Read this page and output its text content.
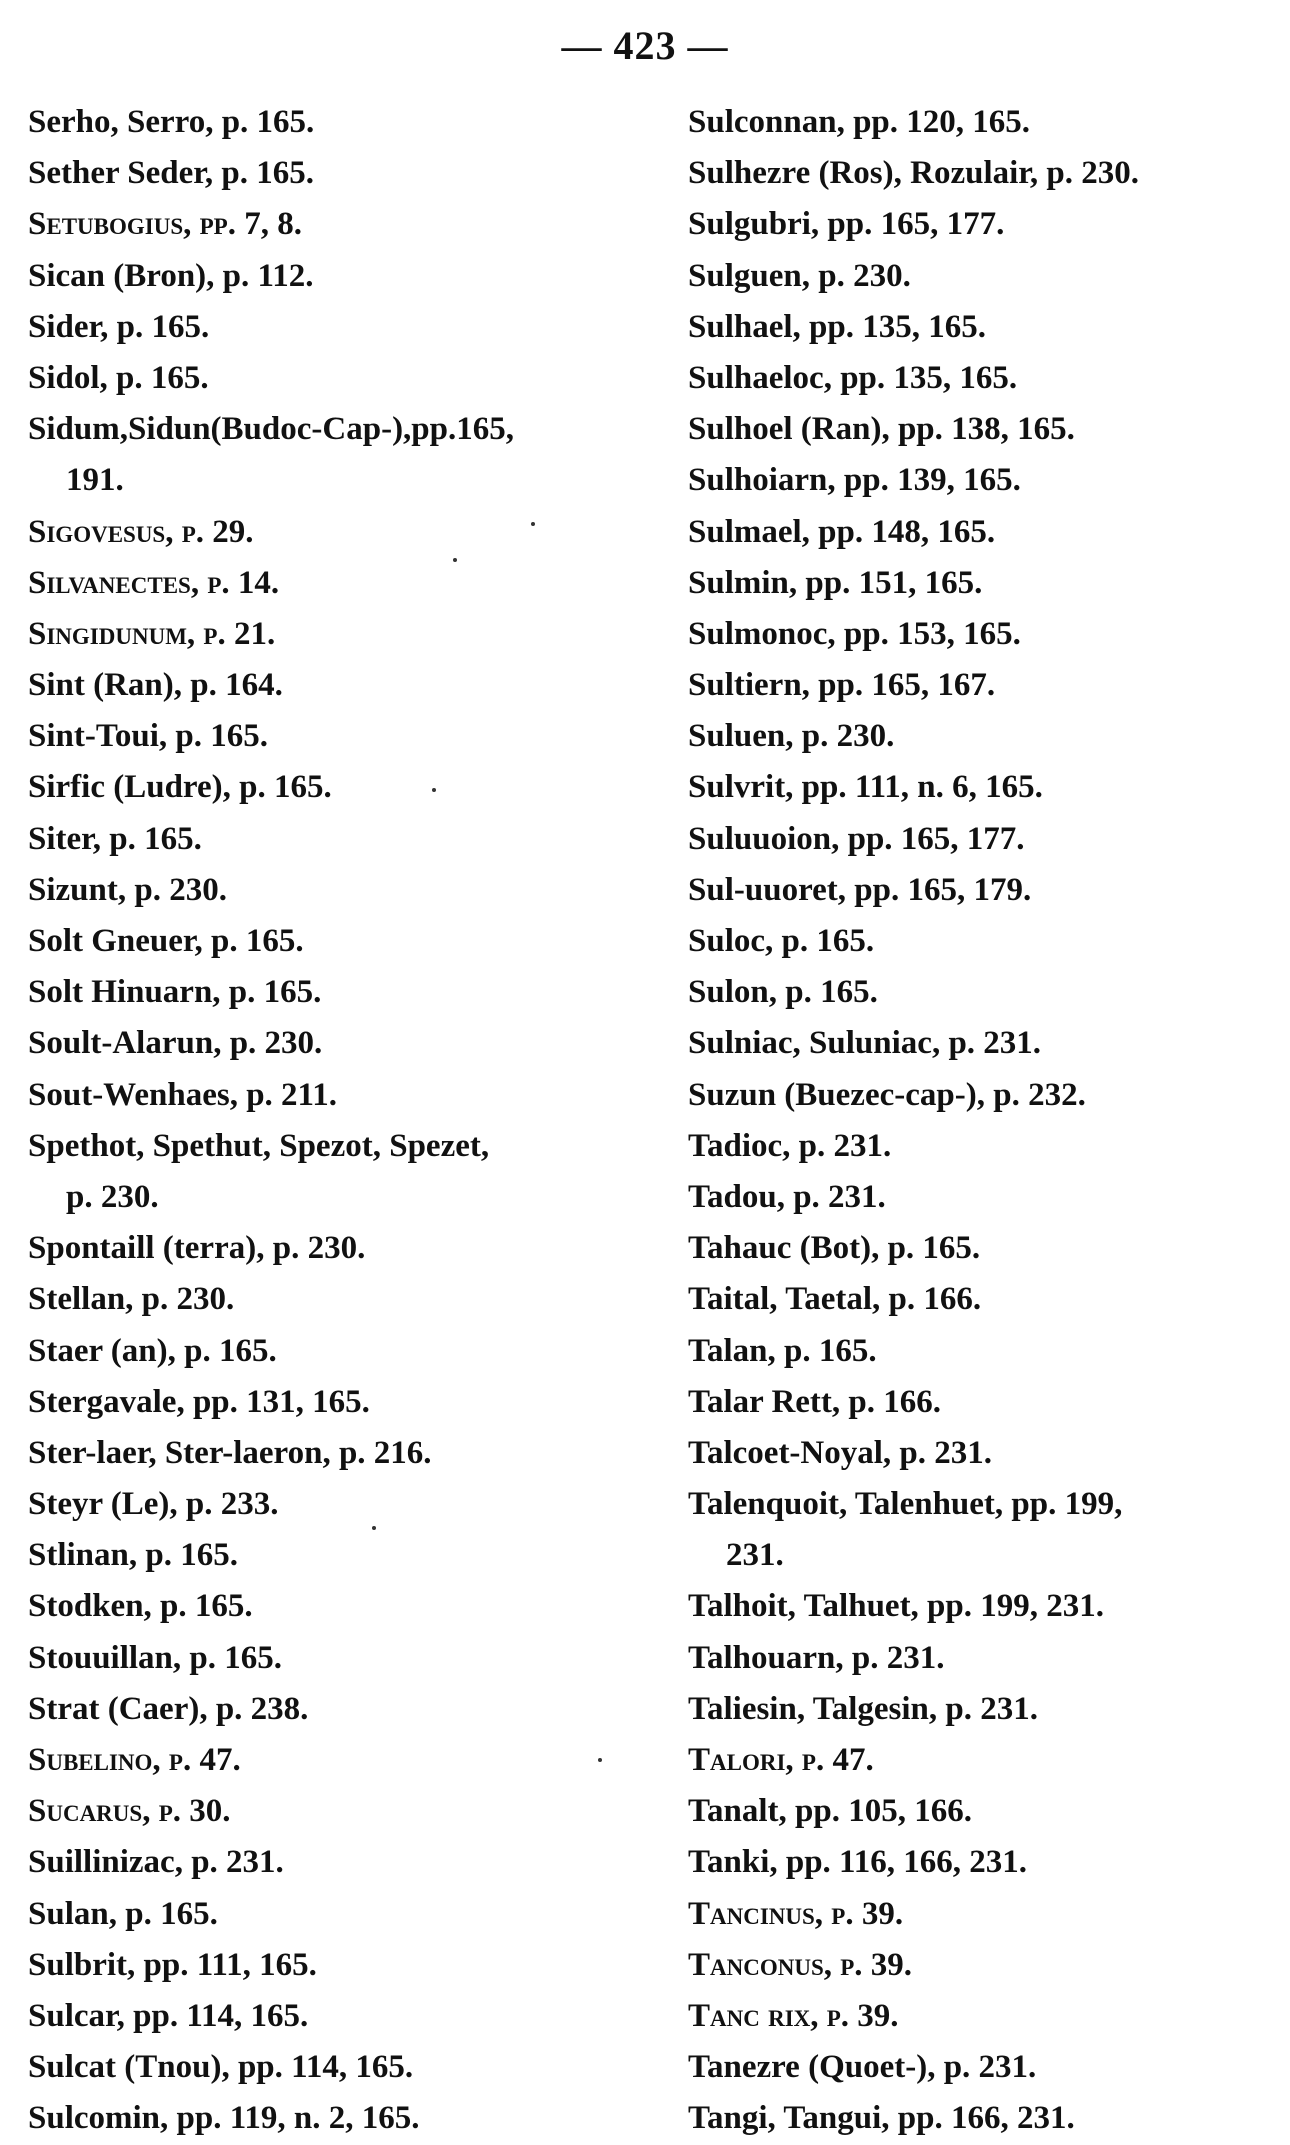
— 423 —
Serho, Serro, p. 165.
Sether Seder, p. 165.
Setubogius, pp. 7, 8.
Sican (Bron), p. 112.
Sider, p. 165.
Sidol, p. 165.
Sidum,Sidun(Budoc-Cap-),pp.165,
191.
Sigovesus, p. 29.
Silvanectes, p. 14.
Singidunum, p. 21.
Sint (Ran), p. 164.
Sint-Toui, p. 165.
Sirfic (Ludre), p. 165.
Siter, p. 165.
Sizunt, p. 230.
Solt Gneuer, p. 165.
Solt Hinuarn, p. 165.
Soult-Alarun, p. 230.
Sout-Wenhaes, p. 211.
Spethot, Spethut, Spezot, Spezet,
p. 230.
Spontaill (terra), p. 230.
Stellan, p. 230.
Staer (an), p. 165.
Stergavale, pp. 131, 165.
Ster-laer, Ster-laeron, p. 216.
Steyr (Le), p. 233.
Stlinan, p. 165.
Stodken, p. 165.
Stouuillan, p. 165.
Strat (Caer), p. 238.
Subelino, p. 47.
Sucarus, p. 30.
Suillinizac, p. 231.
Sulan, p. 165.
Sulbrit, pp. 111, 165.
Sulcar, pp. 114, 165.
Sulcat (Tnou), pp. 114, 165.
Sulcomin, pp. 119, n. 2, 165.
Sulconnan, pp. 120, 165.
Sulhezre (Ros), Rozulair, p. 230.
Sulgubri, pp. 165, 177.
Sulguen, p. 230.
Sulhael, pp. 135, 165.
Sulhaeloc, pp. 135, 165.
Sulhoel (Ran), pp. 138, 165.
Sulhoiarn, pp. 139, 165.
Sulmael, pp. 148, 165.
Sulmin, pp. 151, 165.
Sulmonoc, pp. 153, 165.
Sultiern, pp. 165, 167.
Suluen, p. 230.
Sulvrit, pp. 111, n. 6, 165.
Suluuoion, pp. 165, 177.
Sul-uuoret, pp. 165, 179.
Suloc, p. 165.
Sulon, p. 165.
Sulniac, Suluniac, p. 231.
Suzun (Buezec-cap-), p. 232.
Tadioc, p. 231.
Tadou, p. 231.
Tahauc (Bot), p. 165.
Taital, Taetal, p. 166.
Talan, p. 165.
Talar Rett, p. 166.
Talcoet-Noyal, p. 231.
Talenquoit, Talenhuet, pp. 199,
231.
Talhoit, Talhuet, pp. 199, 231.
Talhouarn, p. 231.
Taliesin, Talgesin, p. 231.
Talori, p. 47.
Tanalt, pp. 105, 166.
Tanki, pp. 116, 166, 231.
Tancinus, p. 39.
Tanconus, p. 39.
Tanc rix, p. 39.
Tanezre (Quoet-), p. 231.
Tangi, Tangui, pp. 166, 231.
